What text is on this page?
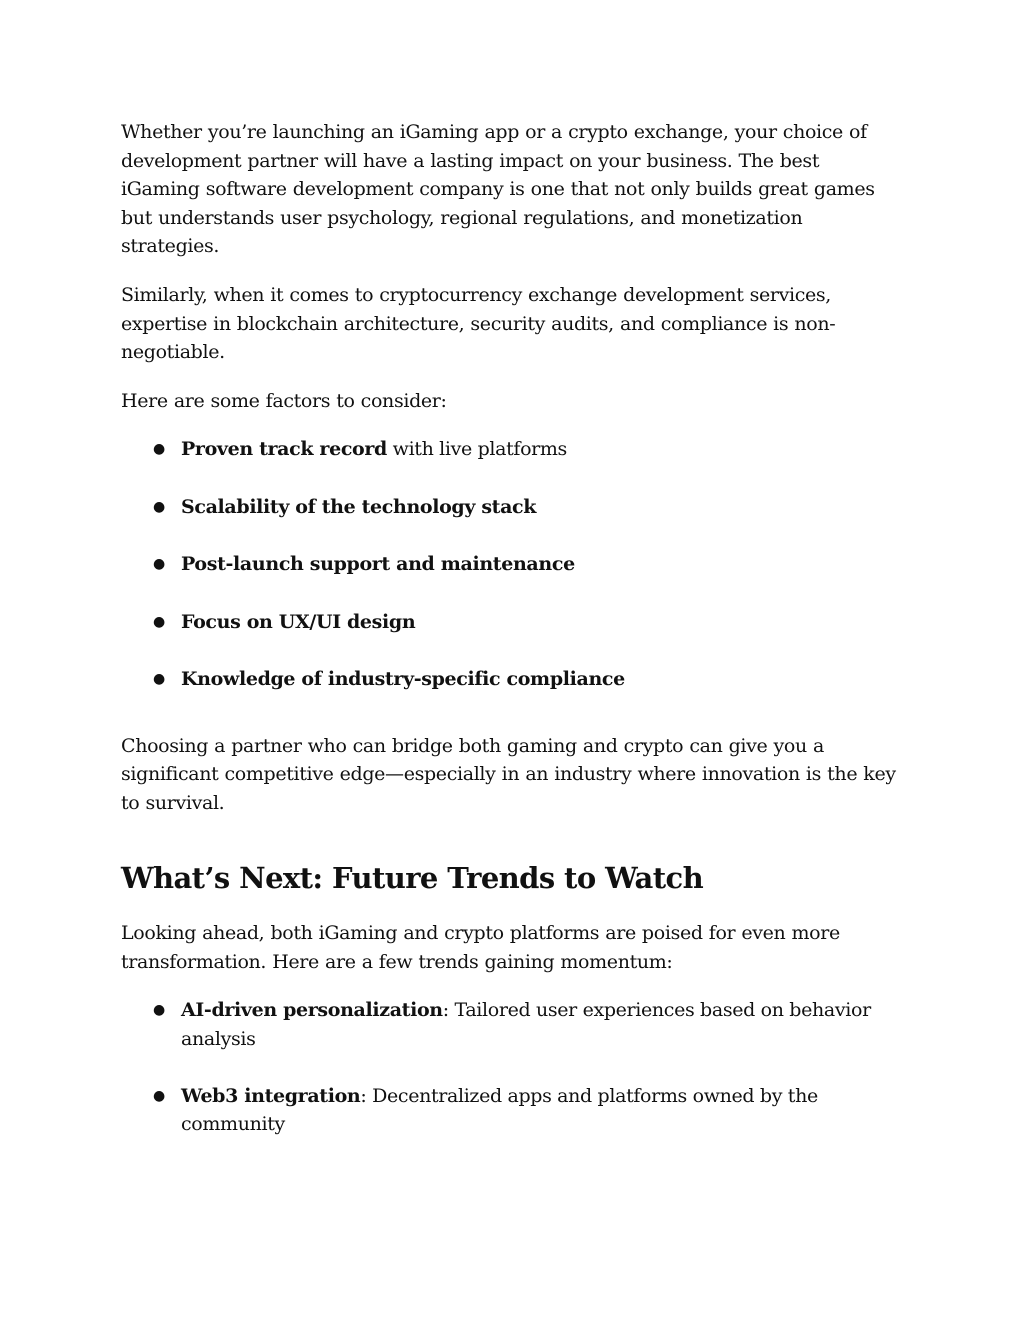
Whether you’re launching an iGaming app or a crypto exchange, your choice of development partner will have a lasting impact on your business. The best iGaming software development company is one that not only builds great games but understands user psychology, regional regulations, and monetization strategies.

Similarly, when it comes to cryptocurrency exchange development services, expertise in blockchain architecture, security audits, and compliance is non-negotiable.

Here are some factors to consider:

● Proven track record with live platforms
● Scalability of the technology stack
● Post-launch support and maintenance
● Focus on UX/UI design
● Knowledge of industry-specific compliance

Choosing a partner who can bridge both gaming and crypto can give you a significant competitive edge—especially in an industry where innovation is the key to survival.

What’s Next: Future Trends to Watch

Looking ahead, both iGaming and crypto platforms are poised for even more transformation. Here are a few trends gaining momentum:

● AI-driven personalization: Tailored user experiences based on behavior analysis
● Web3 integration: Decentralized apps and platforms owned by the community
